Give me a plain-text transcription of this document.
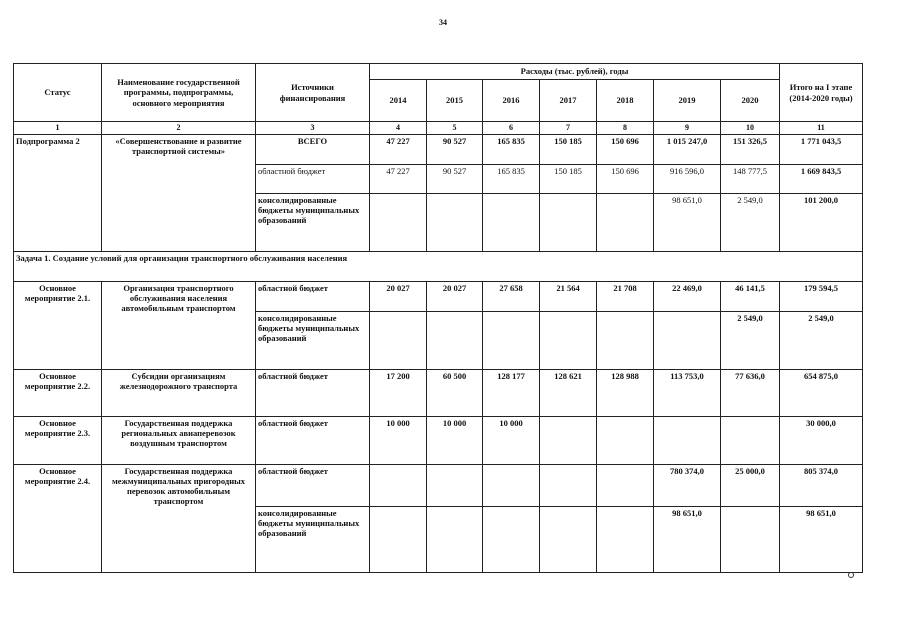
34
Статус	Наименование государственной программы, подпрограммы, основного мероприятия	Источники финансирования	Расходы (тыс. рублей), годы							Итого на I этапе (2014-2020 годы)
			2014	2015	2016	2017	2018	2019	2020	
1	2	3	4	5	6	7	8	9	10	11
Подпрограмма 2	«Совершенствование и развитие транспортной системы»	ВСЕГО	47 227	90 527	165 835	150 185	150 696	1 015 247,0	151 326,5	1 771 043,5
		областной бюджет	47 227	90 527	165 835	150 185	150 696	916 596,0	148 777,5	1 669 843,5
		консолидированные бюджеты муниципальных образований						98 651,0	2 549,0	101 200,0
Задача 1. Создание условий для организации транспортного обслуживания населения										
Основное мероприятие 2.1.	Организация транспортного обслуживания населения автомобильным транспортом	областной бюджет	20 027	20 027	27 658	21 564	21 708	22 469,0	46 141,5	179 594,5
		консолидированные бюджеты муниципальных образований							2 549,0	2 549,0
Основное мероприятие 2.2.	Субсидии организациям железнодорожного транспорта	областной бюджет	17 200	60 500	128 177	128 621	128 988	113 753,0	77 636,0	654 875,0
Основное мероприятие 2.3.	Государственная поддержка региональных авиаперевозок воздушным транспортом	областной бюджет	10 000	10 000	10 000					30 000,0
Основное мероприятие 2.4.	Государственная поддержка межмуниципальных пригородных перевозок автомобильным транспортом	областной бюджет						780 374,0	25 000,0	805 374,0
		консолидированные бюджеты муниципальных образований						98 651,0		98 651,0
